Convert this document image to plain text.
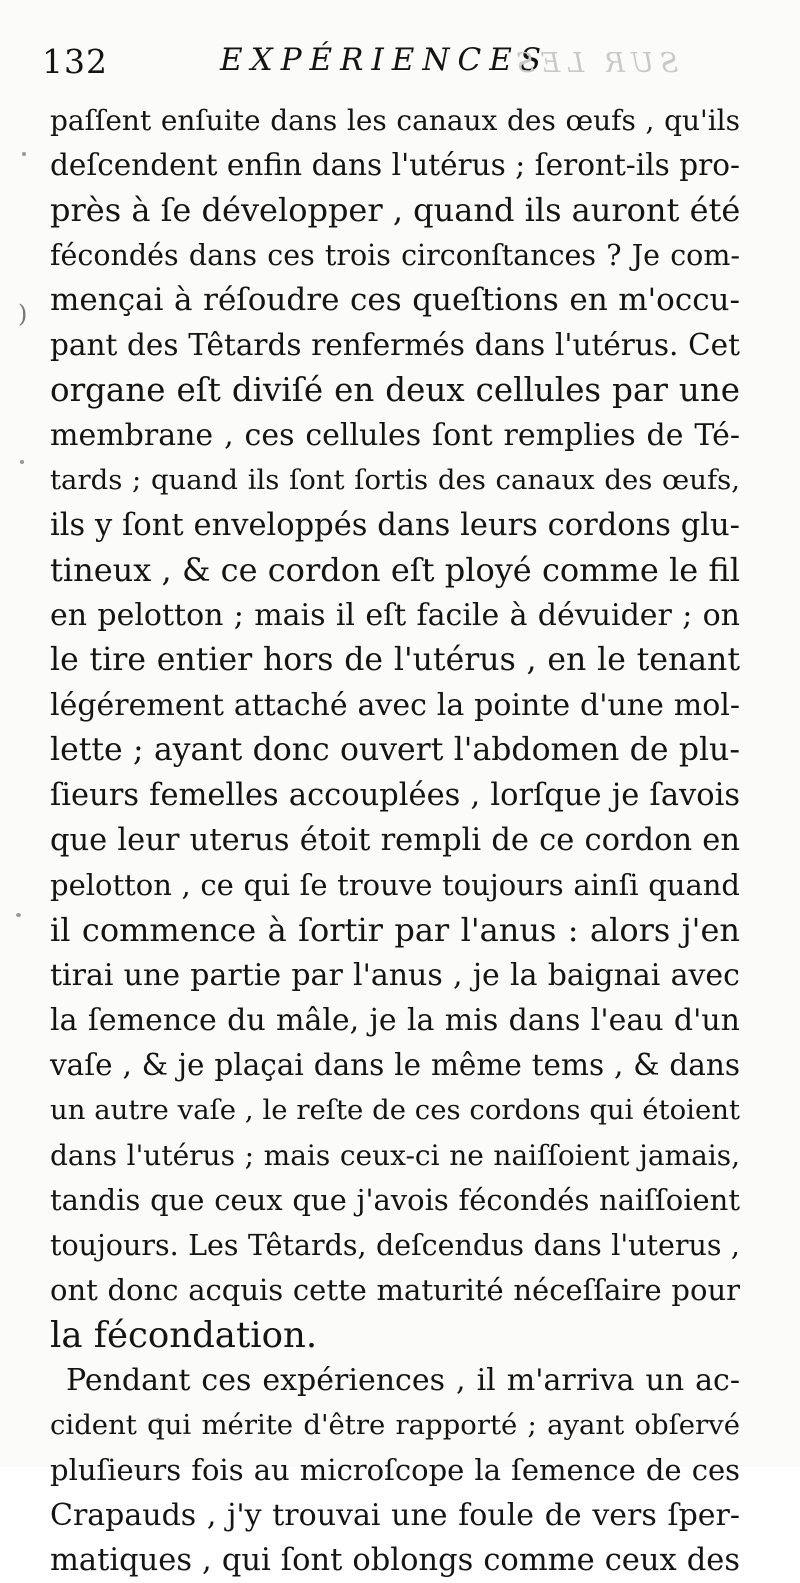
132	EXPÉRIENCES
SUR LES
)
paſſent enſuite dans les canaux des œufs , qu'ils
deſcendent enfin dans l'utérus ; ſeront-ils pro-
près à ſe développer , quand ils auront été
fécondés dans ces trois circonſtances ? Je com-
mençai à réſoudre ces queſtions en m'occu-
pant des Têtards renfermés dans l'utérus. Cet
organe eſt diviſé en deux cellules par une
membrane , ces cellules ſont remplies de Té-
tards ; quand ils ſont ſortis des canaux des œufs,
ils y ſont enveloppés dans leurs cordons glu-
tineux , & ce cordon eſt ployé comme le fil
en pelotton ; mais il eſt facile à dévuider ; on
le tire entier hors de l'utérus , en le tenant
légérement attaché avec la pointe d'une mol-
lette ; ayant donc ouvert l'abdomen de plu-
ſieurs femelles accouplées , lorſque je ſavois
que leur uterus étoit rempli de ce cordon en
pelotton , ce qui ſe trouve toujours ainſi quand
il commence à ſortir par l'anus : alors j'en
tirai une partie par l'anus , je la baignai avec
la ſemence du mâle, je la mis dans l'eau d'un
vaſe , & je plaçai dans le même tems , & dans
un autre vaſe , le reſte de ces cordons qui étoient
dans l'utérus ; mais ceux-ci ne naiſſoient jamais,
tandis que ceux que j'avois fécondés naiſſoient
toujours. Les Têtards, deſcendus dans l'uterus ,
ont donc acquis cette maturité néceſſaire pour
la fécondation.
Pendant ces expériences , il m'arriva un ac-
cident qui mérite d'être rapporté ; ayant obſervé
pluſieurs fois au microſcope la ſemence de ces
Crapauds , j'y trouvai une foule de vers ſper-
matiques , qui ſont oblongs comme ceux des
